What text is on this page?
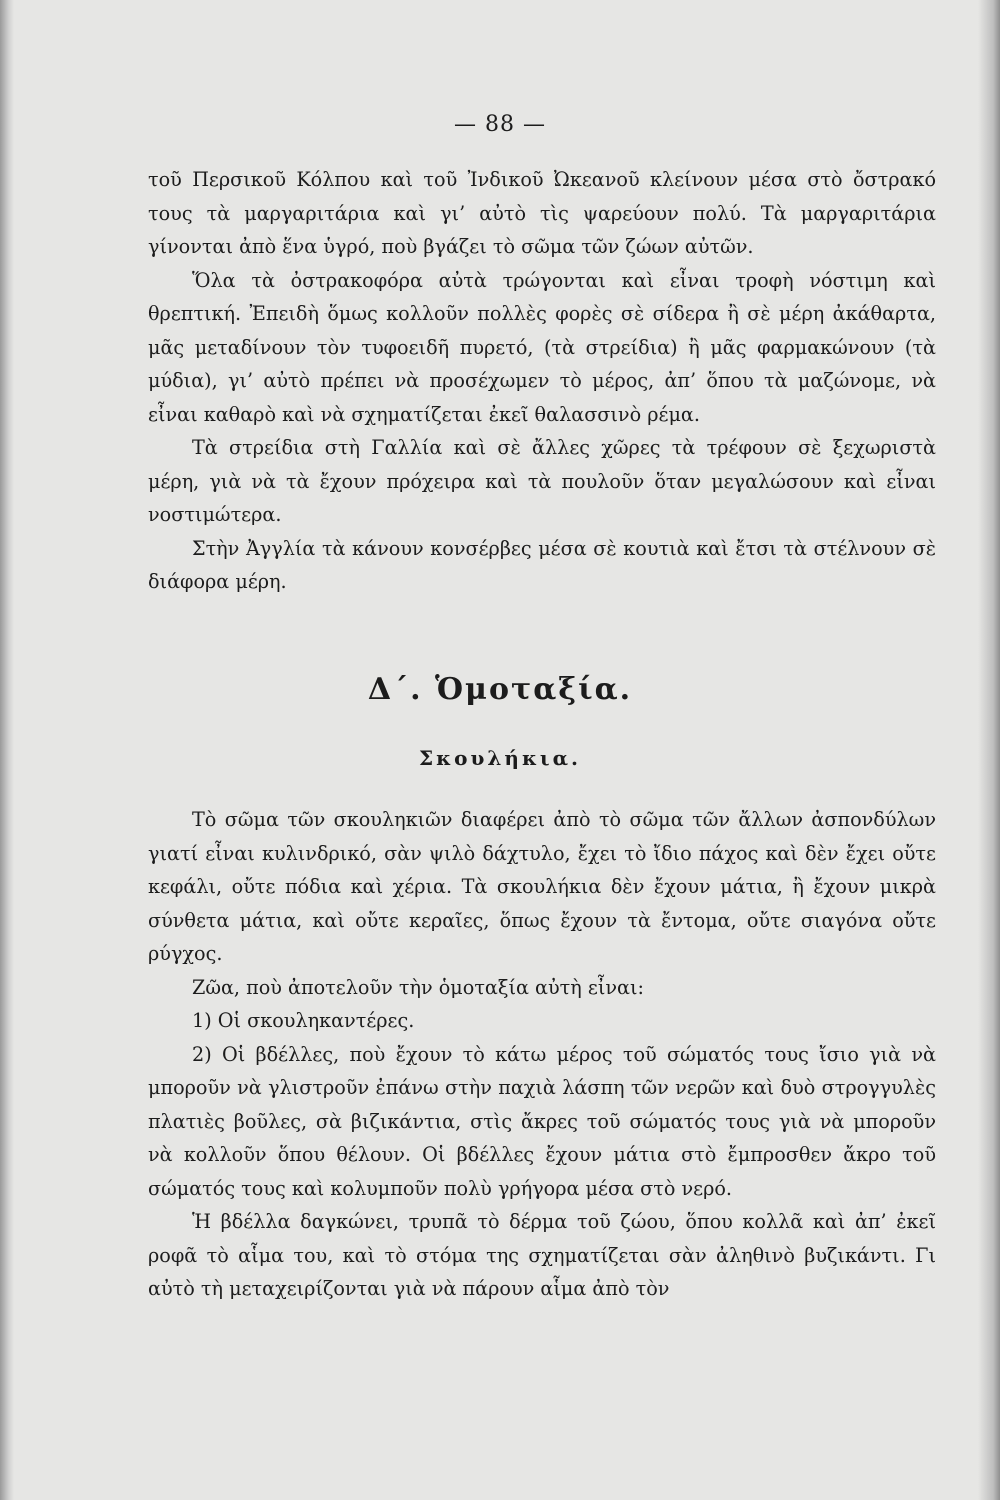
— 88 —

τοῦ Περσικοῦ Κόλπου καὶ τοῦ Ἰνδικοῦ Ὠκεανοῦ κλείνουν μέσα στὸ ὄστρακό τους τὰ μαργαριτάρια καὶ γι’ αὐτὸ τὶς ψαρεύουν πολύ. Τὰ μαργαριτάρια γίνονται ἀπὸ ἕνα ὑγρό, ποὺ βγάζει τὸ σῶμα τῶν ζώων αὐτῶν.

Ὅλα τὰ ὀστρακοφόρα αὐτὰ τρώγονται καὶ εἶναι τροφὴ νόστιμη καὶ θρεπτική. Ἐπειδὴ ὅμως κολλοῦν πολλὲς φορὲς σὲ σίδερα ἢ σὲ μέρη ἀκάθαρτα, μᾶς μεταδίνουν τὸν τυφοειδῆ πυρετό, (τὰ στρείδια) ἢ μᾶς φαρμακώνουν (τὰ μύδια), γι’ αὐτὸ πρέπει νὰ προσέχωμεν τὸ μέρος, ἀπ’ ὅπου τὰ μαζώνομε, νὰ εἶναι καθαρὸ καὶ νὰ σχηματίζεται ἐκεῖ θαλασσινὸ ρέμα.

Τὰ στρείδια στὴ Γαλλία καὶ σὲ ἄλλες χῶρες τὰ τρέφουν σὲ ξεχωριστὰ μέρη, γιὰ νὰ τὰ ἔχουν πρόχειρα καὶ τὰ πουλοῦν ὅταν μεγαλώσουν καὶ εἶναι νοστιμώτερα.

Στὴν Ἀγγλία τὰ κάνουν κονσέρβες μέσα σὲ κουτιὰ καὶ ἔτσι τὰ στέλνουν σὲ διάφορα μέρη.

Δ΄. Ὁμοταξία.
Σκουλήκια.

Τὸ σῶμα τῶν σκουληκιῶν διαφέρει ἀπὸ τὸ σῶμα τῶν ἄλλων ἀσπονδύλων γιατί εἶναι κυλινδρικό, σὰν ψιλὸ δάχτυλο, ἔχει τὸ ἴδιο πάχος καὶ δὲν ἔχει οὔτε κεφάλι, οὔτε πόδια καὶ χέρια. Τὰ σκουλήκια δὲν ἔχουν μάτια, ἢ ἔχουν μικρὰ σύνθετα μάτια, καὶ οὔτε κεραῖες, ὅπως ἔχουν τὰ ἔντομα, οὔτε σιαγόνα οὔτε ρύγχος.

Ζῶα, ποὺ ἀποτελοῦν τὴν ὁμοταξία αὐτὴ εἶναι:

1) Οἱ σκουληκαντέρες.

2) Οἱ βδέλλες, ποὺ ἔχουν τὸ κάτω μέρος τοῦ σώματός τους ἴσιο γιὰ νὰ μποροῦν νὰ γλιστροῦν ἐπάνω στὴν παχιὰ λάσπη τῶν νερῶν καὶ δυὸ στρογγυλὲς πλατιὲς βοῦλες, σὰ βιζικάντια, στὶς ἄκρες τοῦ σώματός τους γιὰ νὰ μποροῦν νὰ κολλοῦν ὅπου θέλουν. Οἱ βδέλλες ἔχουν μάτια στὸ ἔμπροσθεν ἄκρο τοῦ σώματός τους καὶ κολυμποῦν πολὺ γρήγορα μέσα στὸ νερό.

Ἡ βδέλλα δαγκώνει, τρυπᾶ τὸ δέρμα τοῦ ζώου, ὅπου κολλᾶ καὶ ἀπ’ ἐκεῖ ροφᾶ τὸ αἷμα του, καὶ τὸ στόμα της σχηματίζεται σὰν ἀληθινὸ βυζικάντι. Γι αὐτὸ τὴ μεταχειρίζονται γιὰ νὰ πάρουν αἷμα ἀπὸ τὸν
